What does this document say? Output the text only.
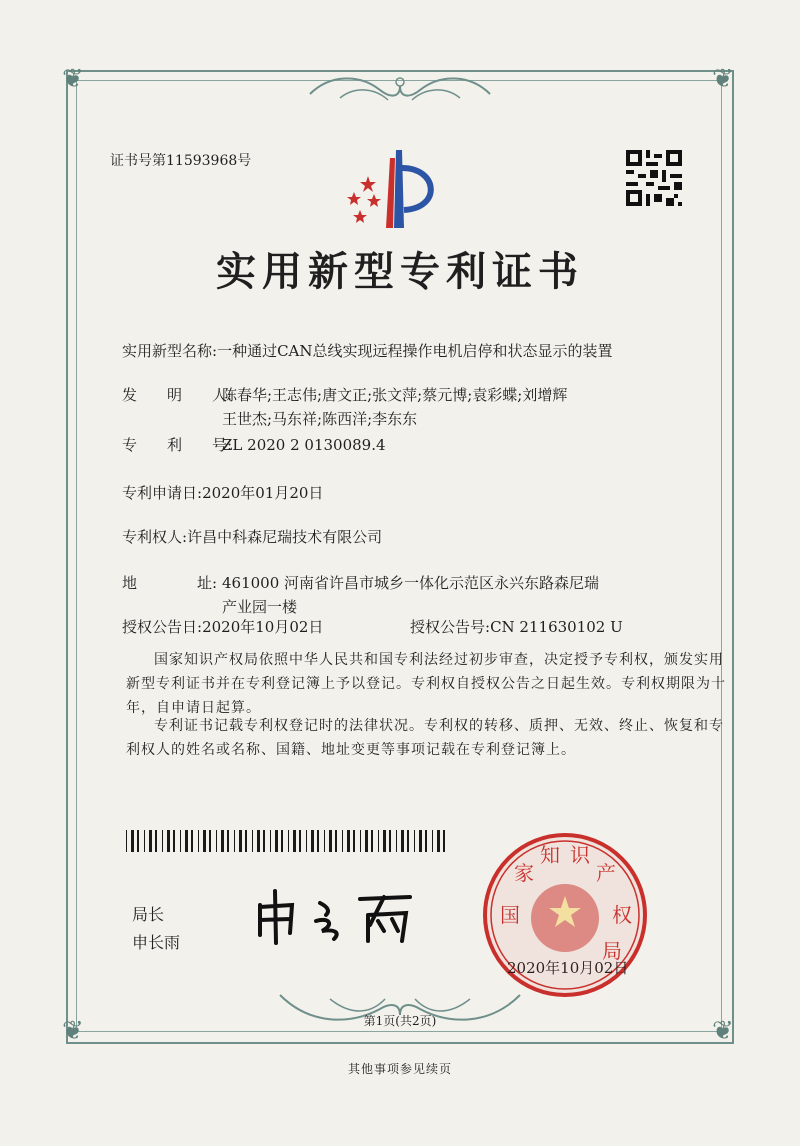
❦	❦
❦	❦
证书号第11593968号
实用新型专利证书
实用新型名称:一种通过CAN总线实现远程操作电机启停和状态显示的装置
发　　明　　人:陈春华;王志伟;唐文正;张文萍;蔡元博;袁彩蝶;刘增辉
王世杰;马东祥;陈西洋;李东东
专　　利　　号:ZL 2020 2 0130089.4
专利申请日:2020年01月20日
专利权人:许昌中科森尼瑞技术有限公司
地　　　　址: 461000 河南省许昌市城乡一体化示范区永兴东路森尼瑞
产业园一楼
授权公告日:2020年10月02日	授权公告号:CN 211630102 U
国家知识产权局依照中华人民共和国专利法经过初步审查，决定授予专利权，颁发实用
新型专利证书并在专利登记簿上予以登记。专利权自授权公告之日起生效。专利权期限为十
年，自申请日起算。
专利证书记载专利权登记时的法律状况。专利权的转移、质押、无效、终止、恢复和专
利权人的姓名或名称、国籍、地址变更等事项记载在专利登记簿上。
局长
申长雨
国
家
知 识
产
权
局
2020年10月02日
第1页(共2页)
其他事项参见续页
